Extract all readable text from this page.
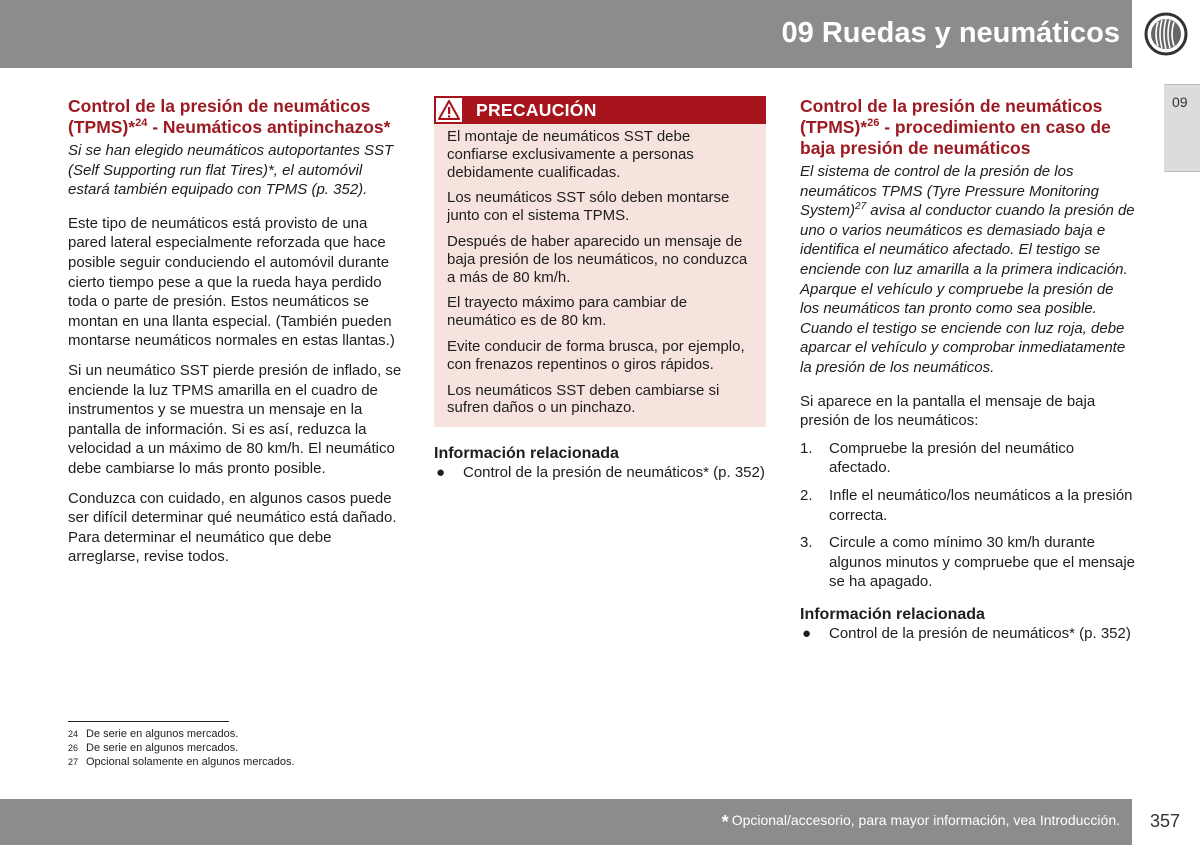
09 Ruedas y neumáticos
09
Control de la presión de neumáticos (TPMS)*$^{24}$ - Neumáticos antipinchazos*
Si se han elegido neumáticos autoportantes SST (Self Supporting run flat Tires)*, el automóvil estará también equipado con TPMS (p. 352).
Este tipo de neumáticos está provisto de una pared lateral especialmente reforzada que hace posible seguir conduciendo el automóvil durante cierto tiempo pese a que la rueda haya perdido toda o parte de presión. Estos neumáticos se montan en una llanta especial. (También pueden montarse neumáticos normales en estas llantas.)
Si un neumático SST pierde presión de inflado, se enciende la luz TPMS amarilla en el cuadro de instrumentos y se muestra un mensaje en la pantalla de información. Si es así, reduzca la velocidad a un máximo de 80 km/h. El neumático debe cambiarse lo más pronto posible.
Conduzca con cuidado, en algunos casos puede ser difícil determinar qué neumático está dañado. Para determinar el neumático que debe arreglarse, revise todos.
PRECAUCIÓN

El montaje de neumáticos SST debe confiarse exclusivamente a personas debidamente cualificadas.

Los neumáticos SST sólo deben montarse junto con el sistema TPMS.

Después de haber aparecido un mensaje de baja presión de los neumáticos, no conduzca a más de 80 km/h.

El trayecto máximo para cambiar de neumático es de 80 km.

Evite conducir de forma brusca, por ejemplo, con frenazos repentinos o giros rápidos.

Los neumáticos SST deben cambiarse si sufren daños o un pinchazo.

Información relacionada
● Control de la presión de neumáticos* (p. 352)
Control de la presión de neumáticos (TPMS)*$^{26}$ - procedimiento en caso de baja presión de neumáticos
El sistema de control de la presión de los neumáticos TPMS (Tyre Pressure Monitoring System)$^{27}$ avisa al conductor cuando la presión de uno o varios neumáticos es demasiado baja e identifica el neumático afectado. El testigo se enciende con luz amarilla a la primera indicación. Aparque el vehículo y compruebe la presión de los neumáticos tan pronto como sea posible. Cuando el testigo se enciende con luz roja, debe aparcar el vehículo y comprobar inmediatamente la presión de los neumáticos.
Si aparece en la pantalla el mensaje de baja presión de los neumáticos:
1. Compruebe la presión del neumático afectado.
2. Infle el neumático/los neumáticos a la presión correcta.
3. Circule a como mínimo 30 km/h durante algunos minutos y compruebe que el mensaje se ha apagado.
Información relacionada
● Control de la presión de neumáticos* (p. 352)
24 De serie en algunos mercados.
26 De serie en algunos mercados.
27 Opcional solamente en algunos mercados.
* Opcional/accesorio, para mayor información, vea Introducción. 357
